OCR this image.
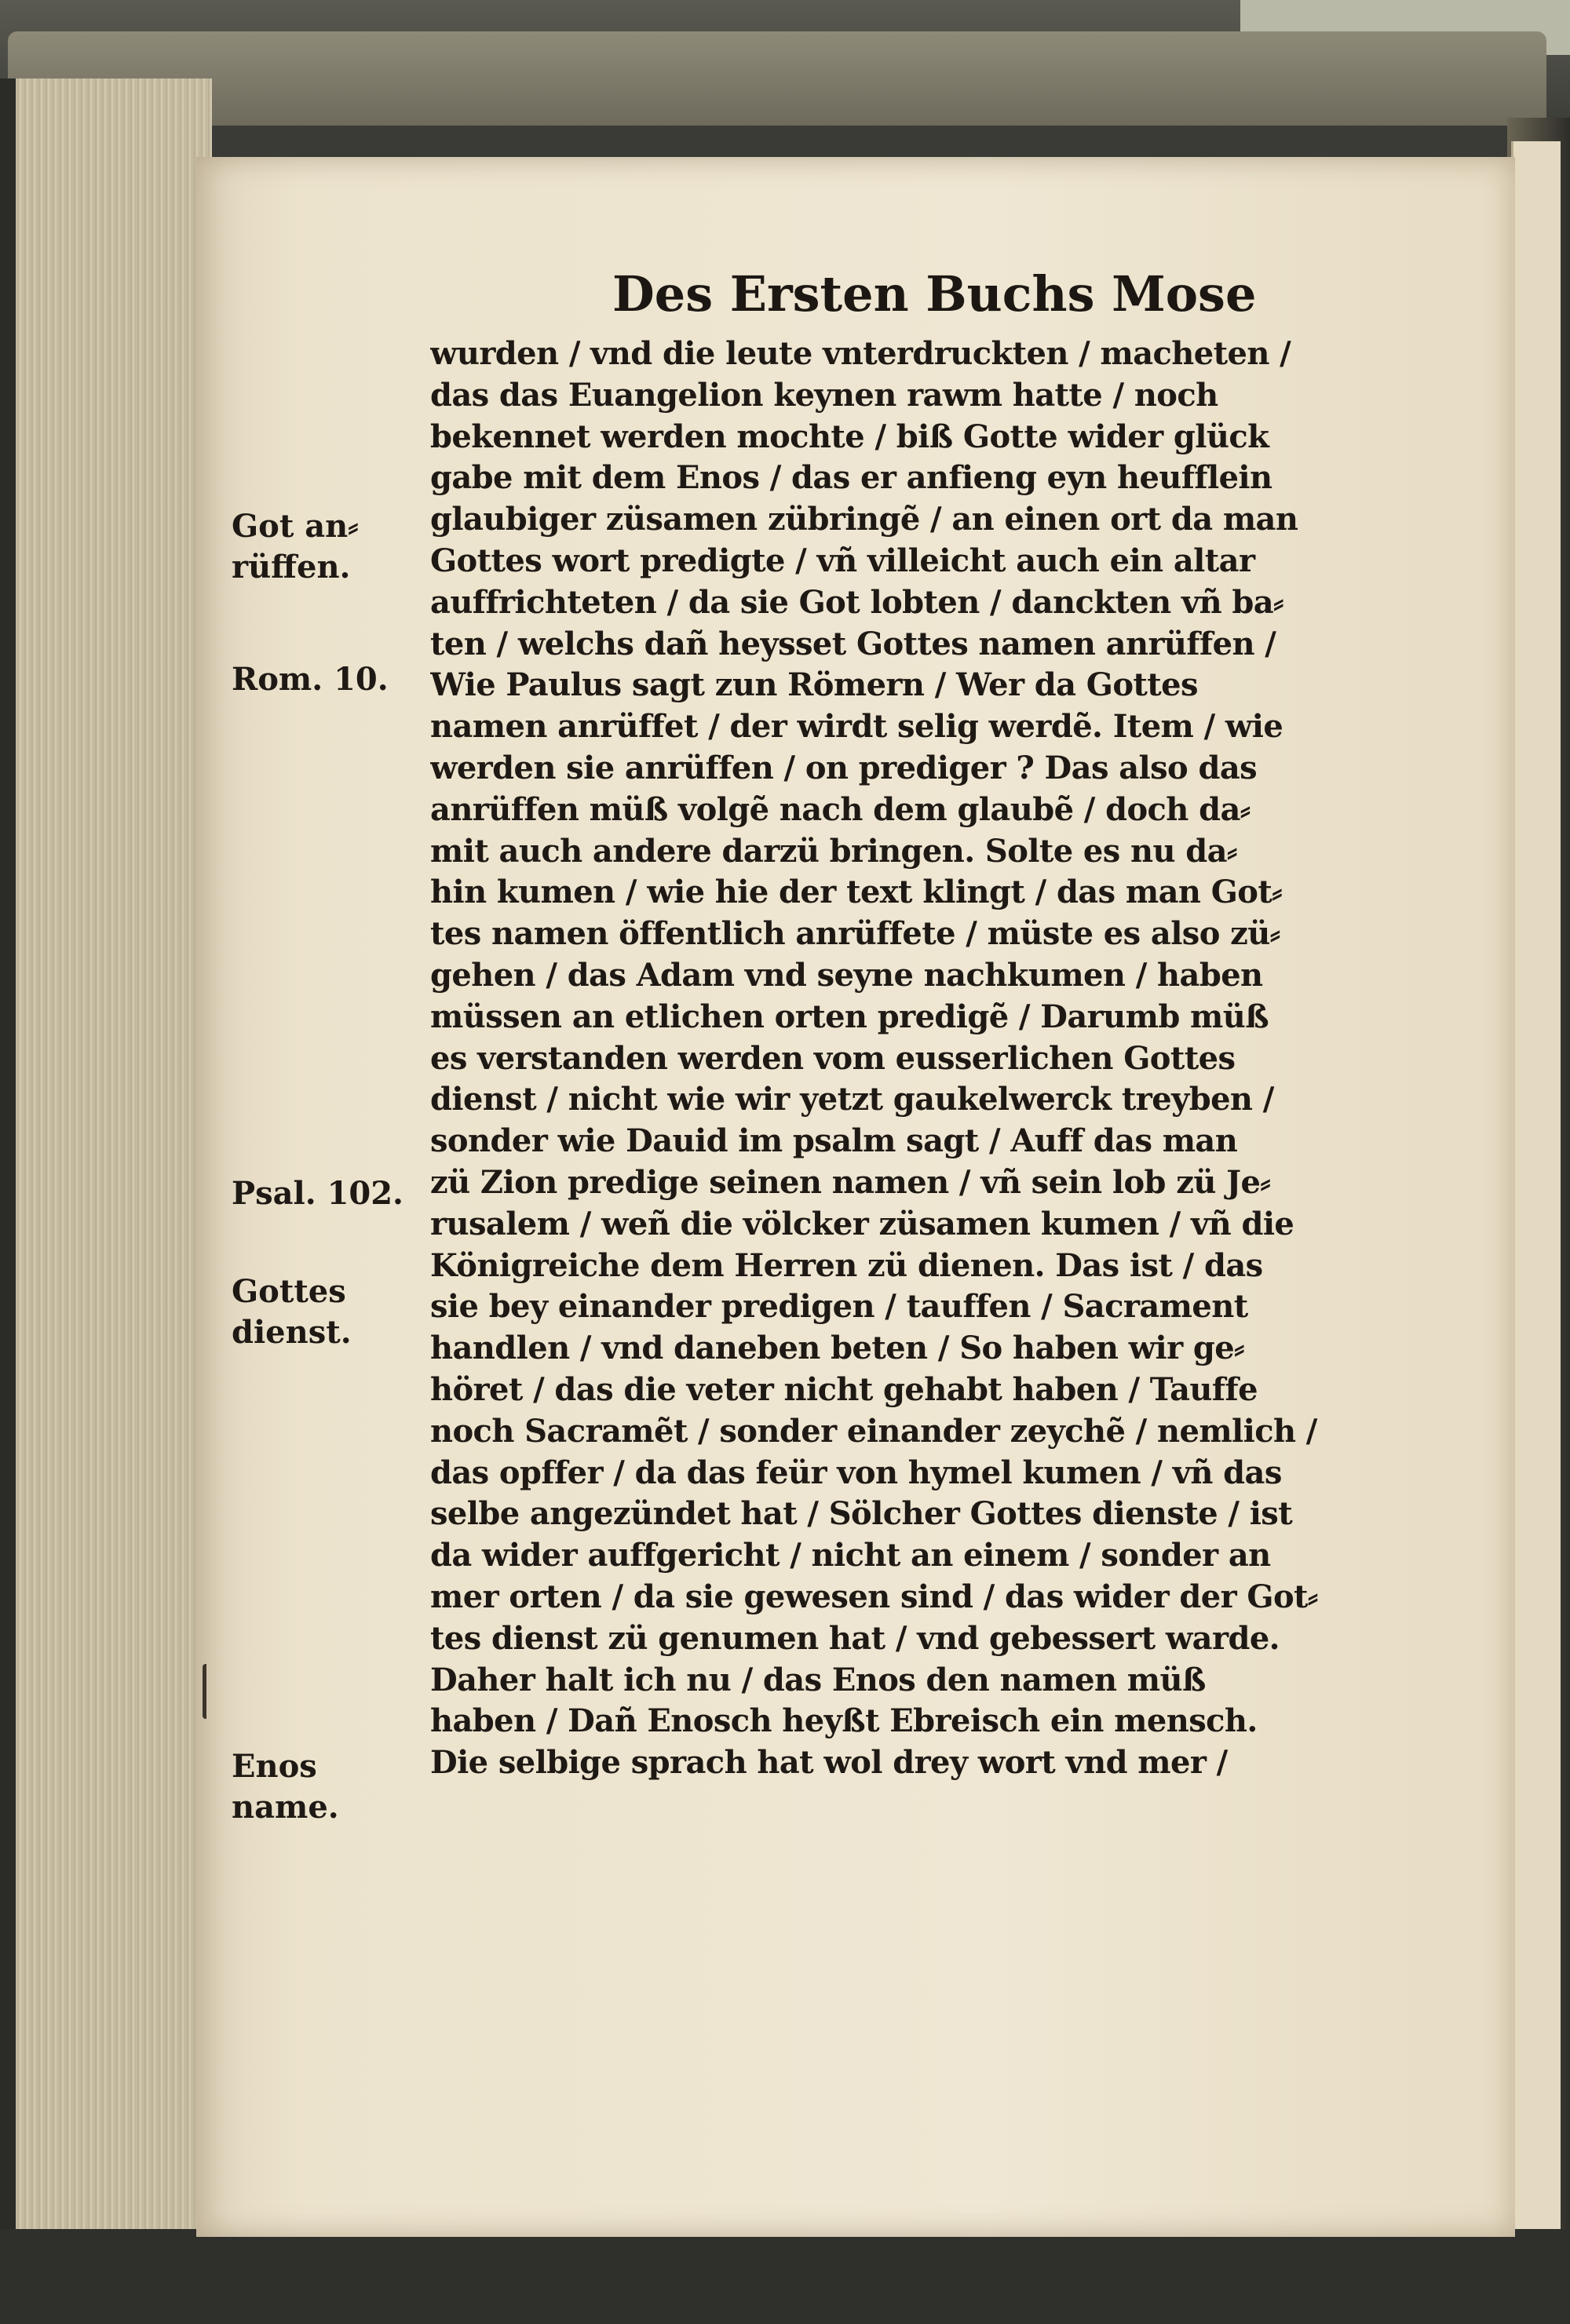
Des Ersten Buchs Mose
Got an⸗
rüffen.
Rom. 10.
Psal. 102.
Gottes
dienst.
Enos
name.
wurden / vnd die leute vnterdruckten / macheten /
das das Euangelion keynen rawm hatte / noch
bekennet werden mochte / biß Gotte wider glück
gabe mit dem Enos / das er anfieng eyn heufflein
glaubiger züsamen zübringẽ / an einen ort da man
Gottes wort predigte / vñ villeicht auch ein altar
auffrichteten / da sie Got lobten / danckten vñ ba⸗
ten / welchs dañ heysset Gottes namen anrüffen /
Wie Paulus sagt zun Römern / Wer da Gottes
namen anrüffet / der wirdt selig werdẽ. Item / wie
werden sie anrüffen / on prediger ? Das also das
anrüffen müß volgẽ nach dem glaubẽ / doch da⸗
mit auch andere darzü bringen. Solte es nu da⸗
hin kumen / wie hie der text klingt / das man Got⸗
tes namen öffentlich anrüffete / müste es also zü⸗
gehen / das Adam vnd seyne nachkumen / haben
müssen an etlichen orten predigẽ / Darumb müß
es verstanden werden vom eusserlichen Gottes
dienst / nicht wie wir yetzt gaukelwerck treyben /
sonder wie Dauid im psalm sagt / Auff das man
zü Zion predige seinen namen / vñ sein lob zü Je⸗
rusalem / weñ die völcker züsamen kumen / vñ die
Königreiche dem Herren zü dienen. Das ist / das
sie bey einander predigen / tauffen / Sacrament
handlen / vnd daneben beten / So haben wir ge⸗
höret / das die veter nicht gehabt haben / Tauffe
noch Sacramẽt / sonder einander zeychẽ / nemlich /
das opffer / da das feür von hymel kumen / vñ das
selbe angezündet hat / Sölcher Gottes dienste / ist
da wider auffgericht / nicht an einem / sonder an
mer orten / da sie gewesen sind / das wider der Got⸗
tes dienst zü genumen hat / vnd gebessert warde.
Daher halt ich nu / das Enos den namen müß
haben / Dañ Enosch heyßt Ebreisch ein mensch.
Die selbige sprach hat wol drey wort vnd mer /
